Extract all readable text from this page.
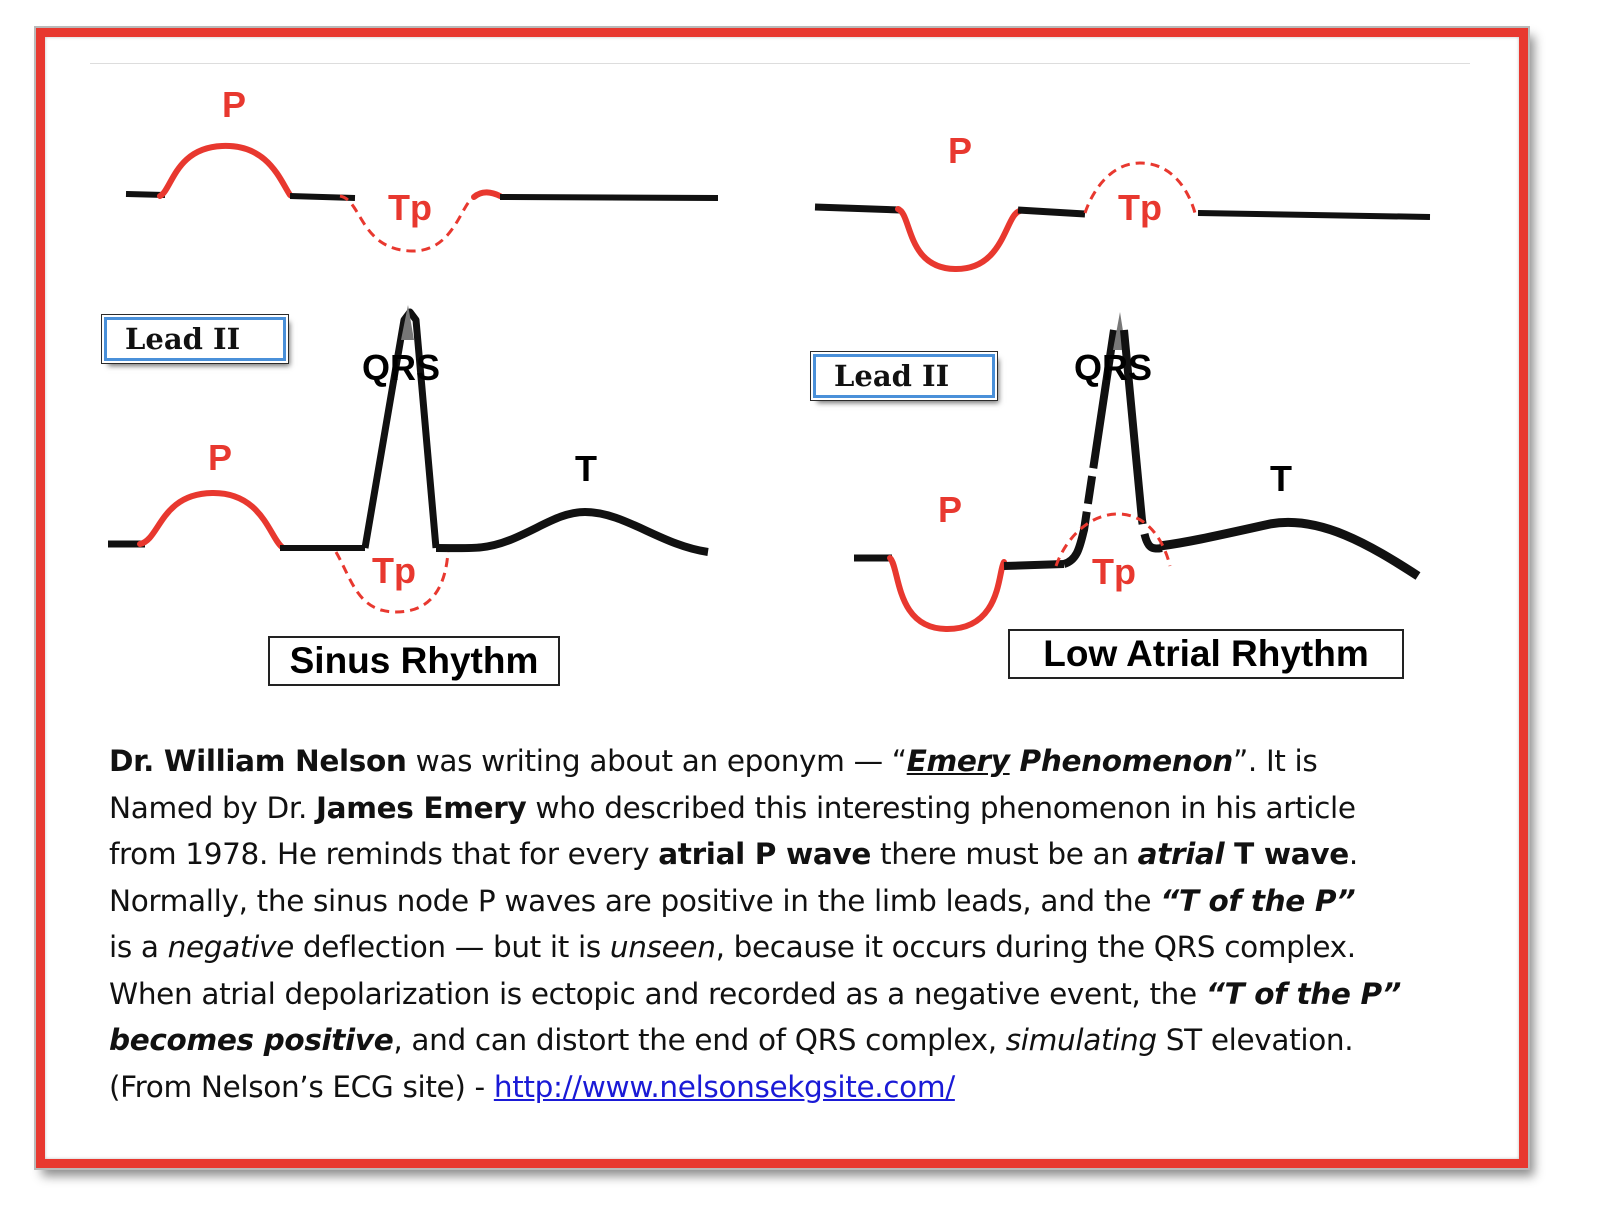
P
Tp
P
QRS
T
Tp
P
Tp
P
QRS
T
Tp
Lead II
Lead II
Sinus Rhythm	Low Atrial Rhythm
Dr. William Nelson was writing about an eponym — “Emery Phenomenon”. It is
Named by Dr. James Emery who described this interesting phenomenon in his article
from 1978. He reminds that for every atrial P wave there must be an atrial T wave.
Normally, the sinus node P waves are positive in the limb leads, and the “T of the P”
is a negative deflection — but it is unseen, because it occurs during the QRS complex.
When atrial depolarization is ectopic and recorded as a negative event, the “T of the P”
becomes positive, and can distort the end of QRS complex, simulating ST elevation.
(From Nelson’s ECG site) - http://www.nelsonsekgsite.com/
